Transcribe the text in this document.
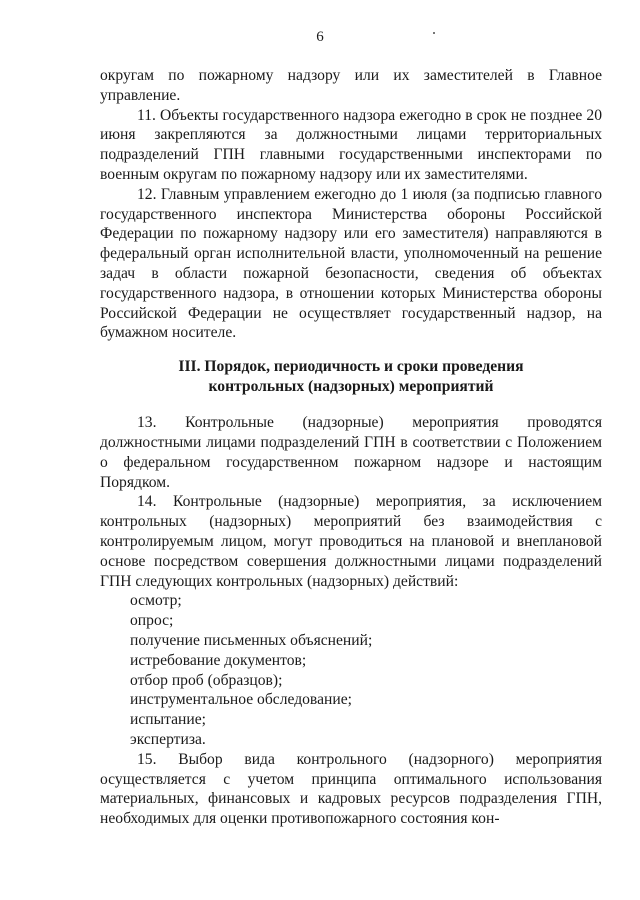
6

округам по пожарному надзору или их заместителей в Главное управление.

11. Объекты государственного надзора ежегодно в срок не позднее 20 июня закрепляются за должностными лицами территориальных подразделений ГПН главными государственными инспекторами по военным округам по пожарному надзору или их заместителями.

12. Главным управлением ежегодно до 1 июля (за подписью главного государственного инспектора Министерства обороны Российской Федерации по пожарному надзору или его заместителя) направляются в федеральный орган исполнительной власти, уполномоченный на решение задач в области пожарной безопасности, сведения об объектах государственного надзора, в отношении которых Министерства обороны Российской Федерации не осуществляет государственный надзор, на бумажном носителе.

III. Порядок, периодичность и сроки проведения
контрольных (надзорных) мероприятий

13. Контрольные (надзорные) мероприятия проводятся должностными лицами подразделений ГПН в соответствии с Положением о федеральном государственном пожарном надзоре и настоящим Порядком.

14. Контрольные (надзорные) мероприятия, за исключением контрольных (надзорных) мероприятий без взаимодействия с контролируемым лицом, могут проводиться на плановой и внеплановой основе посредством совершения должностными лицами подразделений ГПН следующих контрольных (надзорных) действий:

осмотр;

опрос;

получение письменных объяснений;

истребование документов;

отбор проб (образцов);

инструментальное обследование;

испытание;

экспертиза.

15. Выбор вида контрольного (надзорного) мероприятия осуществляется с учетом принципа оптимального использования материальных, финансовых и кадровых ресурсов подразделения ГПН, необходимых для оценки противопожарного состояния кон-
